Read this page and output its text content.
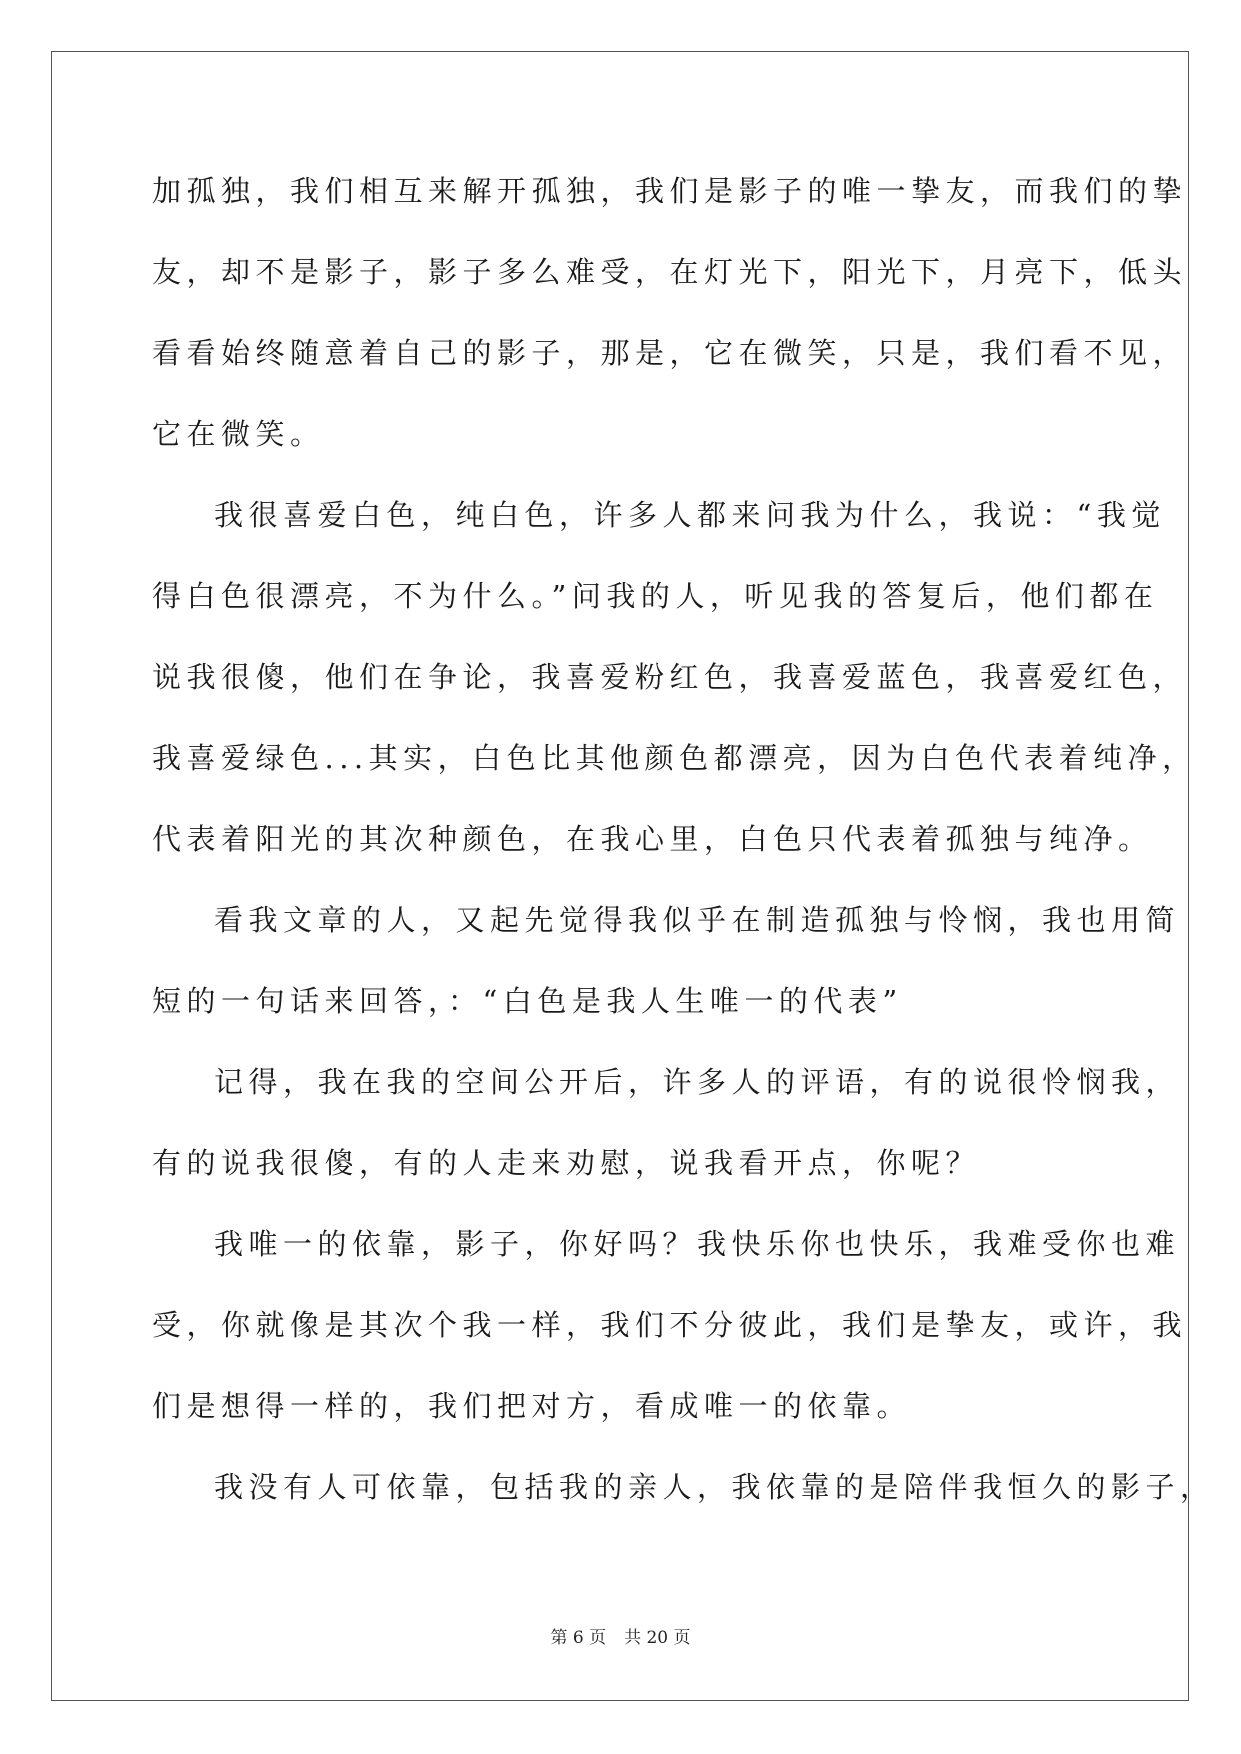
加孤独，我们相互来解开孤独，我们是影子的唯一挚友，而我们的挚
友，却不是影子，影子多么难受，在灯光下，阳光下，月亮下，低头
看看始终随意着自己的影子，那是，它在微笑，只是，我们看不见，
它在微笑。
我很喜爱白色，纯白色，许多人都来问我为什么，我说：“我觉
得白色很漂亮，不为什么。”问我的人，听见我的答复后，他们都在
说我很傻，他们在争论，我喜爱粉红色，我喜爱蓝色，我喜爱红色，
我喜爱绿色...其实，白色比其他颜色都漂亮，因为白色代表着纯净，
代表着阳光的其次种颜色，在我心里，白色只代表着孤独与纯净。
看我文章的人，又起先觉得我似乎在制造孤独与怜悯，我也用简
短的一句话来回答，：“白色是我人生唯一的代表”
记得，我在我的空间公开后，许多人的评语，有的说很怜悯我，
有的说我很傻，有的人走来劝慰，说我看开点，你呢？
我唯一的依靠，影子，你好吗？我快乐你也快乐，我难受你也难
受，你就像是其次个我一样，我们不分彼此，我们是挚友，或许，我
们是想得一样的，我们把对方，看成唯一的依靠。
我没有人可依靠，包括我的亲人，我依靠的是陪伴我恒久的影子，
第 6 页 共 20 页
